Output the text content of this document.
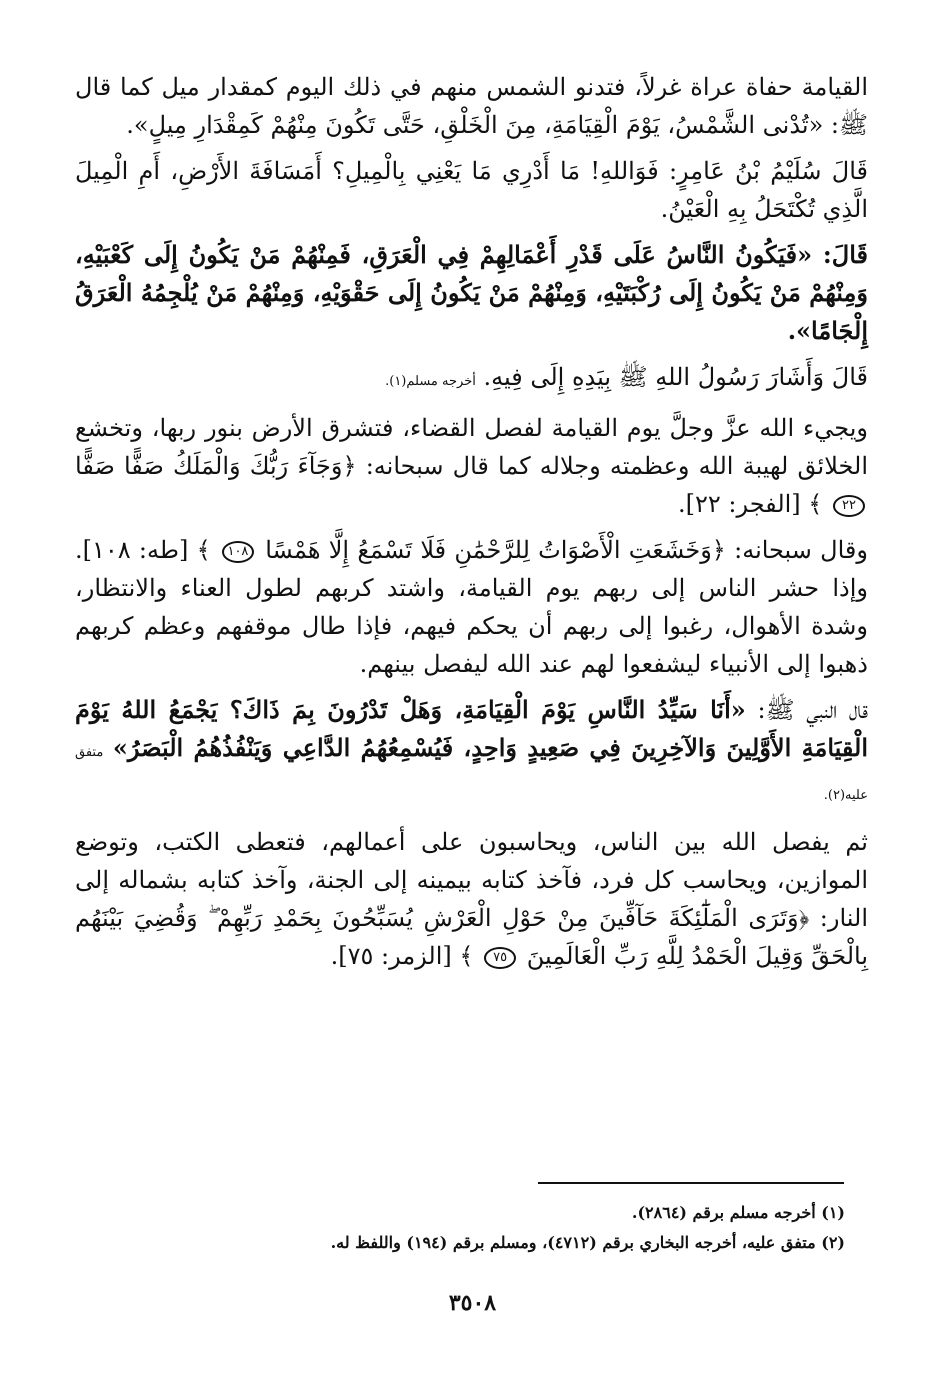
القيامة حفاة عراة غرلاً، فتدنو الشمس منهم في ذلك اليوم كمقدار ميل كما قال ﷺ: «تُدْنى الشَّمْسُ، يَوْمَ الْقِيَامَةِ، مِنَ الْخَلْقِ، حَتَّى تَكُونَ مِنْهُمْ كَمِقْدَارِ مِيلٍ».

قَالَ سُلَيْمُ بْنُ عَامِرٍ: فَوَاللهِ! مَا أَدْرِي مَا يَعْنِي بِالْمِيلِ؟ أَمَسَافَةَ الأَرْضِ، أَمِ الْمِيلَ الَّذِي تُكْتَحَلُ بِهِ الْعَيْنُ.

قَالَ: «فَيَكُونُ النَّاسُ عَلَى قَدْرِ أَعْمَالِهِمْ فِي الْعَرَقِ، فَمِنْهُمْ مَنْ يَكُونُ إِلَى كَعْبَيْهِ، وَمِنْهُمْ مَنْ يَكُونُ إِلَى رُكْبَتَيْهِ، وَمِنْهُمْ مَنْ يَكُونُ إِلَى حَقْوَيْهِ، وَمِنْهُمْ مَنْ يُلْجِمُهُ الْعَرَقُ إِلْجَامًا».

قَالَ وَأَشَارَ رَسُولُ اللهِ ﷺ بِيَدِهِ إِلَى فِيهِ. أخرجه مسلم(١).

ويجيء الله عزَّ وجلَّ يوم القيامة لفصل القضاء، فتشرق الأرض بنور ربها، وتخشع الخلائق لهيبة الله وعظمته وجلاله كما قال سبحانه: ﴿وَجَآءَ رَبُّكَ وَالْمَلَكُ صَفًّا صَفًّا ٢٢ ﴾ [الفجر: ٢٢].

وقال سبحانه: ﴿وَخَشَعَتِ الْأَصْوَاتُ لِلرَّحْمَٰنِ فَلَا تَسْمَعُ إِلَّا هَمْسًا ١٠٨ ﴾ [طه: ١٠٨]. وإذا حشر الناس إلى ربهم يوم القيامة، واشتد كربهم لطول العناء والانتظار، وشدة الأهوال، رغبوا إلى ربهم أن يحكم فيهم، فإذا طال موقفهم وعظم كربهم ذهبوا إلى الأنبياء ليشفعوا لهم عند الله ليفصل بينهم.

قال النبي ﷺ: «أَنَا سَيِّدُ النَّاسِ يَوْمَ الْقِيَامَةِ، وَهَلْ تَدْرُونَ بِمَ ذَاكَ؟ يَجْمَعُ اللهُ يَوْمَ الْقِيَامَةِ الأَوَّلِينَ وَالآخِرِينَ فِي صَعِيدٍ وَاحِدٍ، فَيُسْمِعُهُمُ الدَّاعِي وَيَنْفُذُهُمُ الْبَصَرُ» متفق عليه(٢).

ثم يفصل الله بين الناس، ويحاسبون على أعمالهم، فتعطى الكتب، وتوضع الموازين، ويحاسب كل فرد، فآخذ كتابه بيمينه إلى الجنة، وآخذ كتابه بشماله إلى النار: ﴿وَتَرَى الْمَلَٰٓئِكَةَ حَآفِّينَ مِنْ حَوْلِ الْعَرْشِ يُسَبِّحُونَ بِحَمْدِ رَبِّهِمْ ۖ وَقُضِيَ بَيْنَهُم بِالْحَقِّ وَقِيلَ الْحَمْدُ لِلَّهِ رَبِّ الْعَالَمِينَ ٧٥ ﴾ [الزمر: ٧٥].

(١) أخرجه مسلم برقم (٢٨٦٤).
(٢) متفق عليه، أخرجه البخاري برقم (٤٧١٢)، ومسلم برقم (١٩٤) واللفظ له.
٣٥٠٨
